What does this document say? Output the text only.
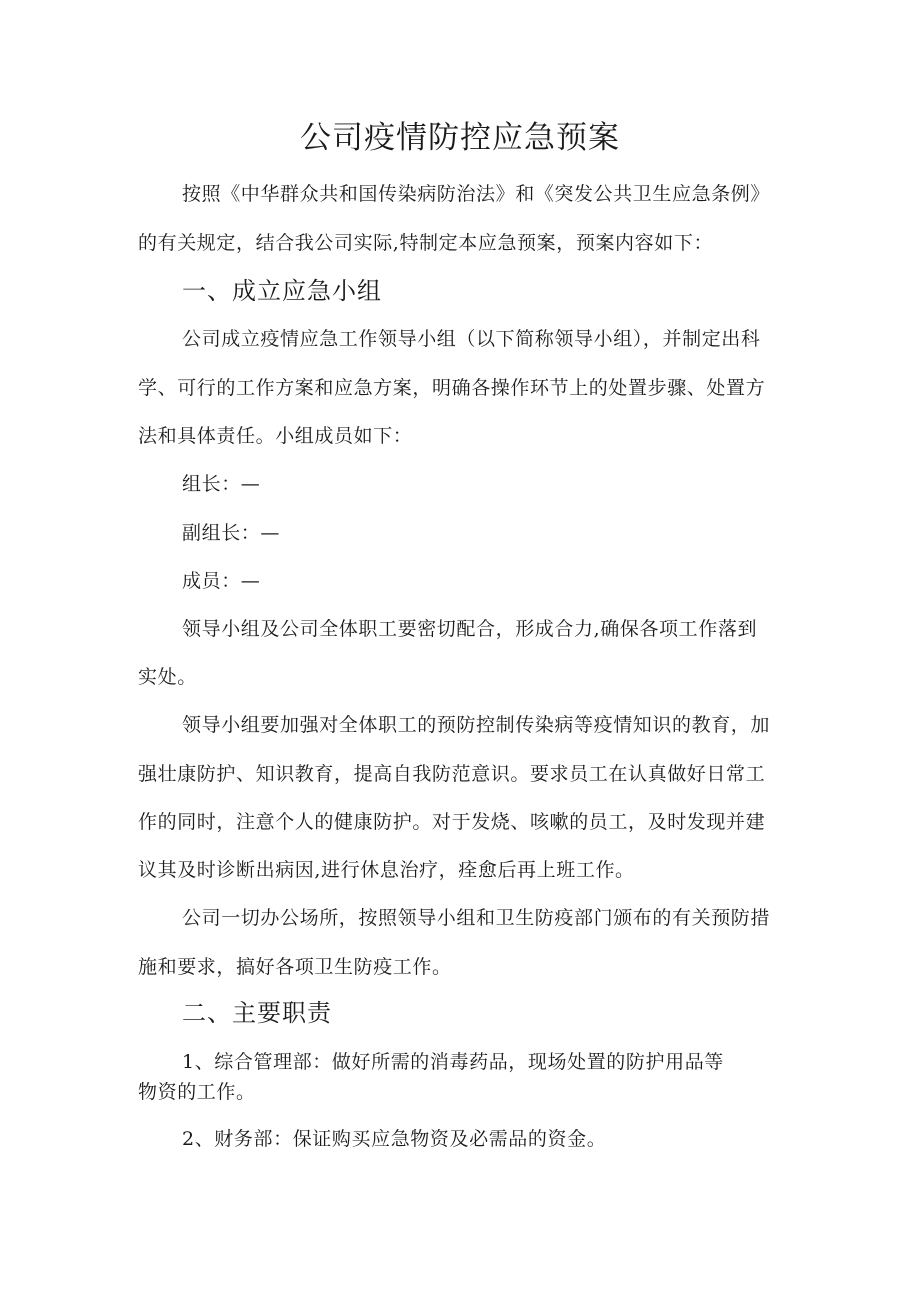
公司疫情防控应急预案
按照《中华群众共和国传染病防治法》和《突发公共卫生应急条例》
的有关规定，结合我公司实际,特制定本应急预案，预案内容如下：
一、成立应急小组
公司成立疫情应急工作领导小组（以下简称领导小组），并制定出科
学、可行的工作方案和应急方案，明确各操作环节上的处置步骤、处置方
法和具体责任。小组成员如下：
组长：—
副组长：—
成员：—
领导小组及公司全体职工要密切配合，形成合力,确保各项工作落到
实处。
领导小组要加强对全体职工的预防控制传染病等疫情知识的教育，加
强壮康防护、知识教育，提高自我防范意识。要求员工在认真做好日常工
作的同时，注意个人的健康防护。对于发烧、咳嗽的员工，及时发现并建
议其及时诊断出病因,进行休息治疗，痊愈后再上班工作。
公司一切办公场所，按照领导小组和卫生防疫部门颁布的有关预防措
施和要求，搞好各项卫生防疫工作。
二、主要职责
1、综合管理部：做好所需的消毒药品，现场处置的防护用品等
物资的工作。
2、财务部：保证购买应急物资及必需品的资金。
